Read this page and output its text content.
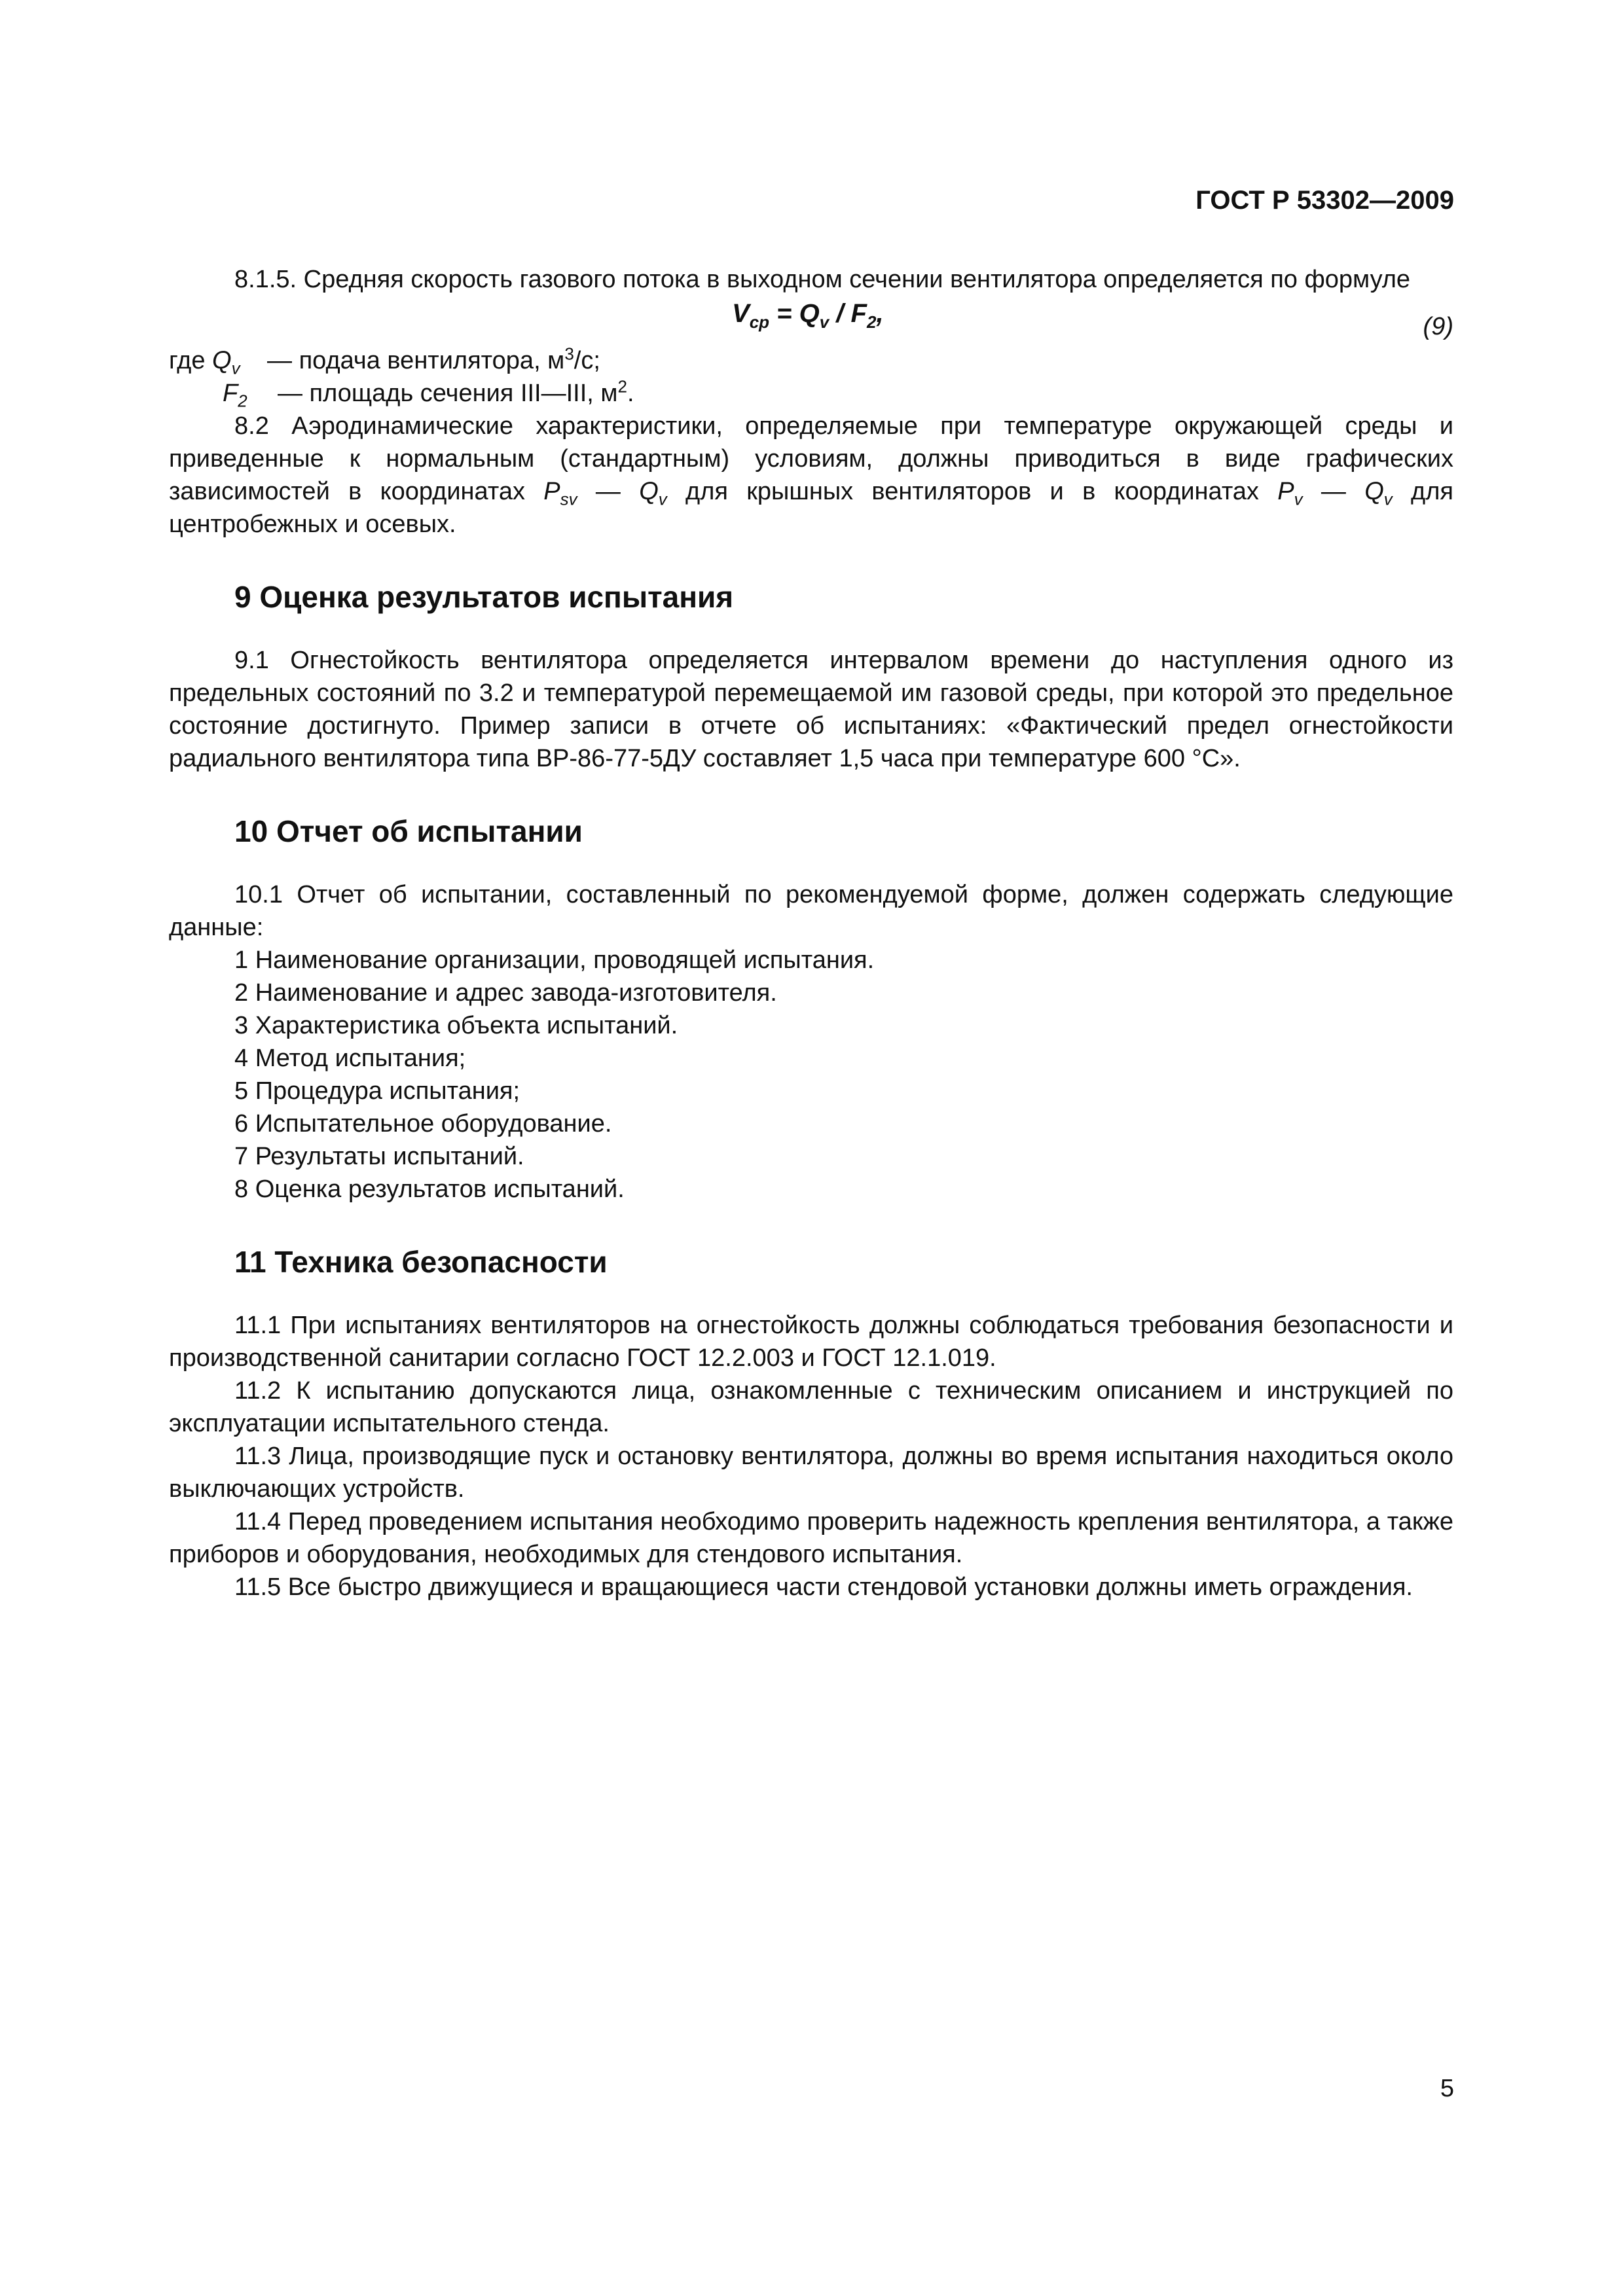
ГОСТ Р 53302—2009

8.1.5. Средняя скорость газового потока в выходном сечении вентилятора определяется по формуле

$V_{ср} = Q_v / F_2$,	(9)

где $Q_v$ — подача вентилятора, $м^3/с$;

$F_2$ — площадь сечения III—III, $м^2$.

8.2 Аэродинамические характеристики, определяемые при температуре окружающей среды и приведенные к нормальным (стандартным) условиям, должны приводиться в виде графических зависимостей в координатах $P_{sv}$ — $Q_v$ для крышных вентиляторов и в координатах $P_v$ — $Q_v$ для центробежных и осевых.

9 Оценка результатов испытания

9.1 Огнестойкость вентилятора определяется интервалом времени до наступления одного из предельных состояний по 3.2 и температурой перемещаемой им газовой среды, при которой это предельное состояние достигнуто. Пример записи в отчете об испытаниях: «Фактический предел огнестойкости радиального вентилятора типа ВР-86-77-5ДУ составляет 1,5 часа при температуре 600 °С».

10 Отчет об испытании

10.1 Отчет об испытании, составленный по рекомендуемой форме, должен содержать следующие данные:

1 Наименование организации, проводящей испытания.

2 Наименование и адрес завода-изготовителя.

3 Характеристика объекта испытаний.

4 Метод испытания;

5 Процедура испытания;

6 Испытательное оборудование.

7 Результаты испытаний.

8 Оценка результатов испытаний.

11 Техника безопасности

11.1 При испытаниях вентиляторов на огнестойкость должны соблюдаться требования безопасности и производственной санитарии согласно ГОСТ 12.2.003 и ГОСТ 12.1.019.

11.2 К испытанию допускаются лица, ознакомленные с техническим описанием и инструкцией по эксплуатации испытательного стенда.

11.3 Лица, производящие пуск и остановку вентилятора, должны во время испытания находиться около выключающих устройств.

11.4 Перед проведением испытания необходимо проверить надежность крепления вентилятора, а также приборов и оборудования, необходимых для стендового испытания.

11.5 Все быстро движущиеся и вращающиеся части стендовой установки должны иметь ограждения.

5
